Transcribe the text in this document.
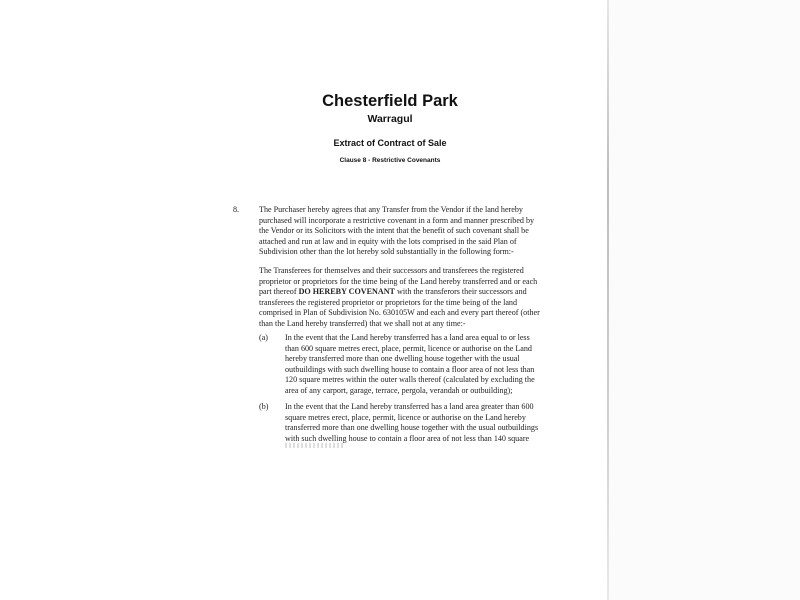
Chesterfield Park
Warragul
Extract of Contract of Sale
Clause 8 - Restrictive Covenants
8. The Purchaser hereby agrees that any Transfer from the Vendor if the land hereby
purchased will incorporate a restrictive covenant in a form and manner prescribed by
the Vendor or its Solicitors with the intent that the benefit of such covenant shall be
attached and run at law and in equity with the lots comprised in the said Plan of
Subdivision other than the lot hereby sold substantially in the following form:-
The Transferees for themselves and their successors and transferees the registered
proprietor or proprietors for the time being of the Land hereby transferred and or each
part thereof DO HEREBY COVENANT with the transferors their successors and
transferees the registered proprietor or proprietors for the time being of the land
comprised in Plan of Subdivision No. 630105W and each and every part thereof (other
than the Land hereby transferred) that we shall not at any time:-
(a) In the event that the Land hereby transferred has a land area equal to or less
than 600 square metres erect, place, permit, licence or authorise on the Land
hereby transferred more than one dwelling house together with the usual
outbuildings with such dwelling house to contain a floor area of not less than
120 square metres within the outer walls thereof (calculated by excluding the
area of any carport, garage, terrace, pergola, verandah or outbuilding);
(b) In the event that the Land hereby transferred has a land area greater than 600
square metres erect, place, permit, licence or authorise on the Land hereby
transferred more than one dwelling house together with the usual outbuildings
with such dwelling house to contain a floor area of not less than 140 square
